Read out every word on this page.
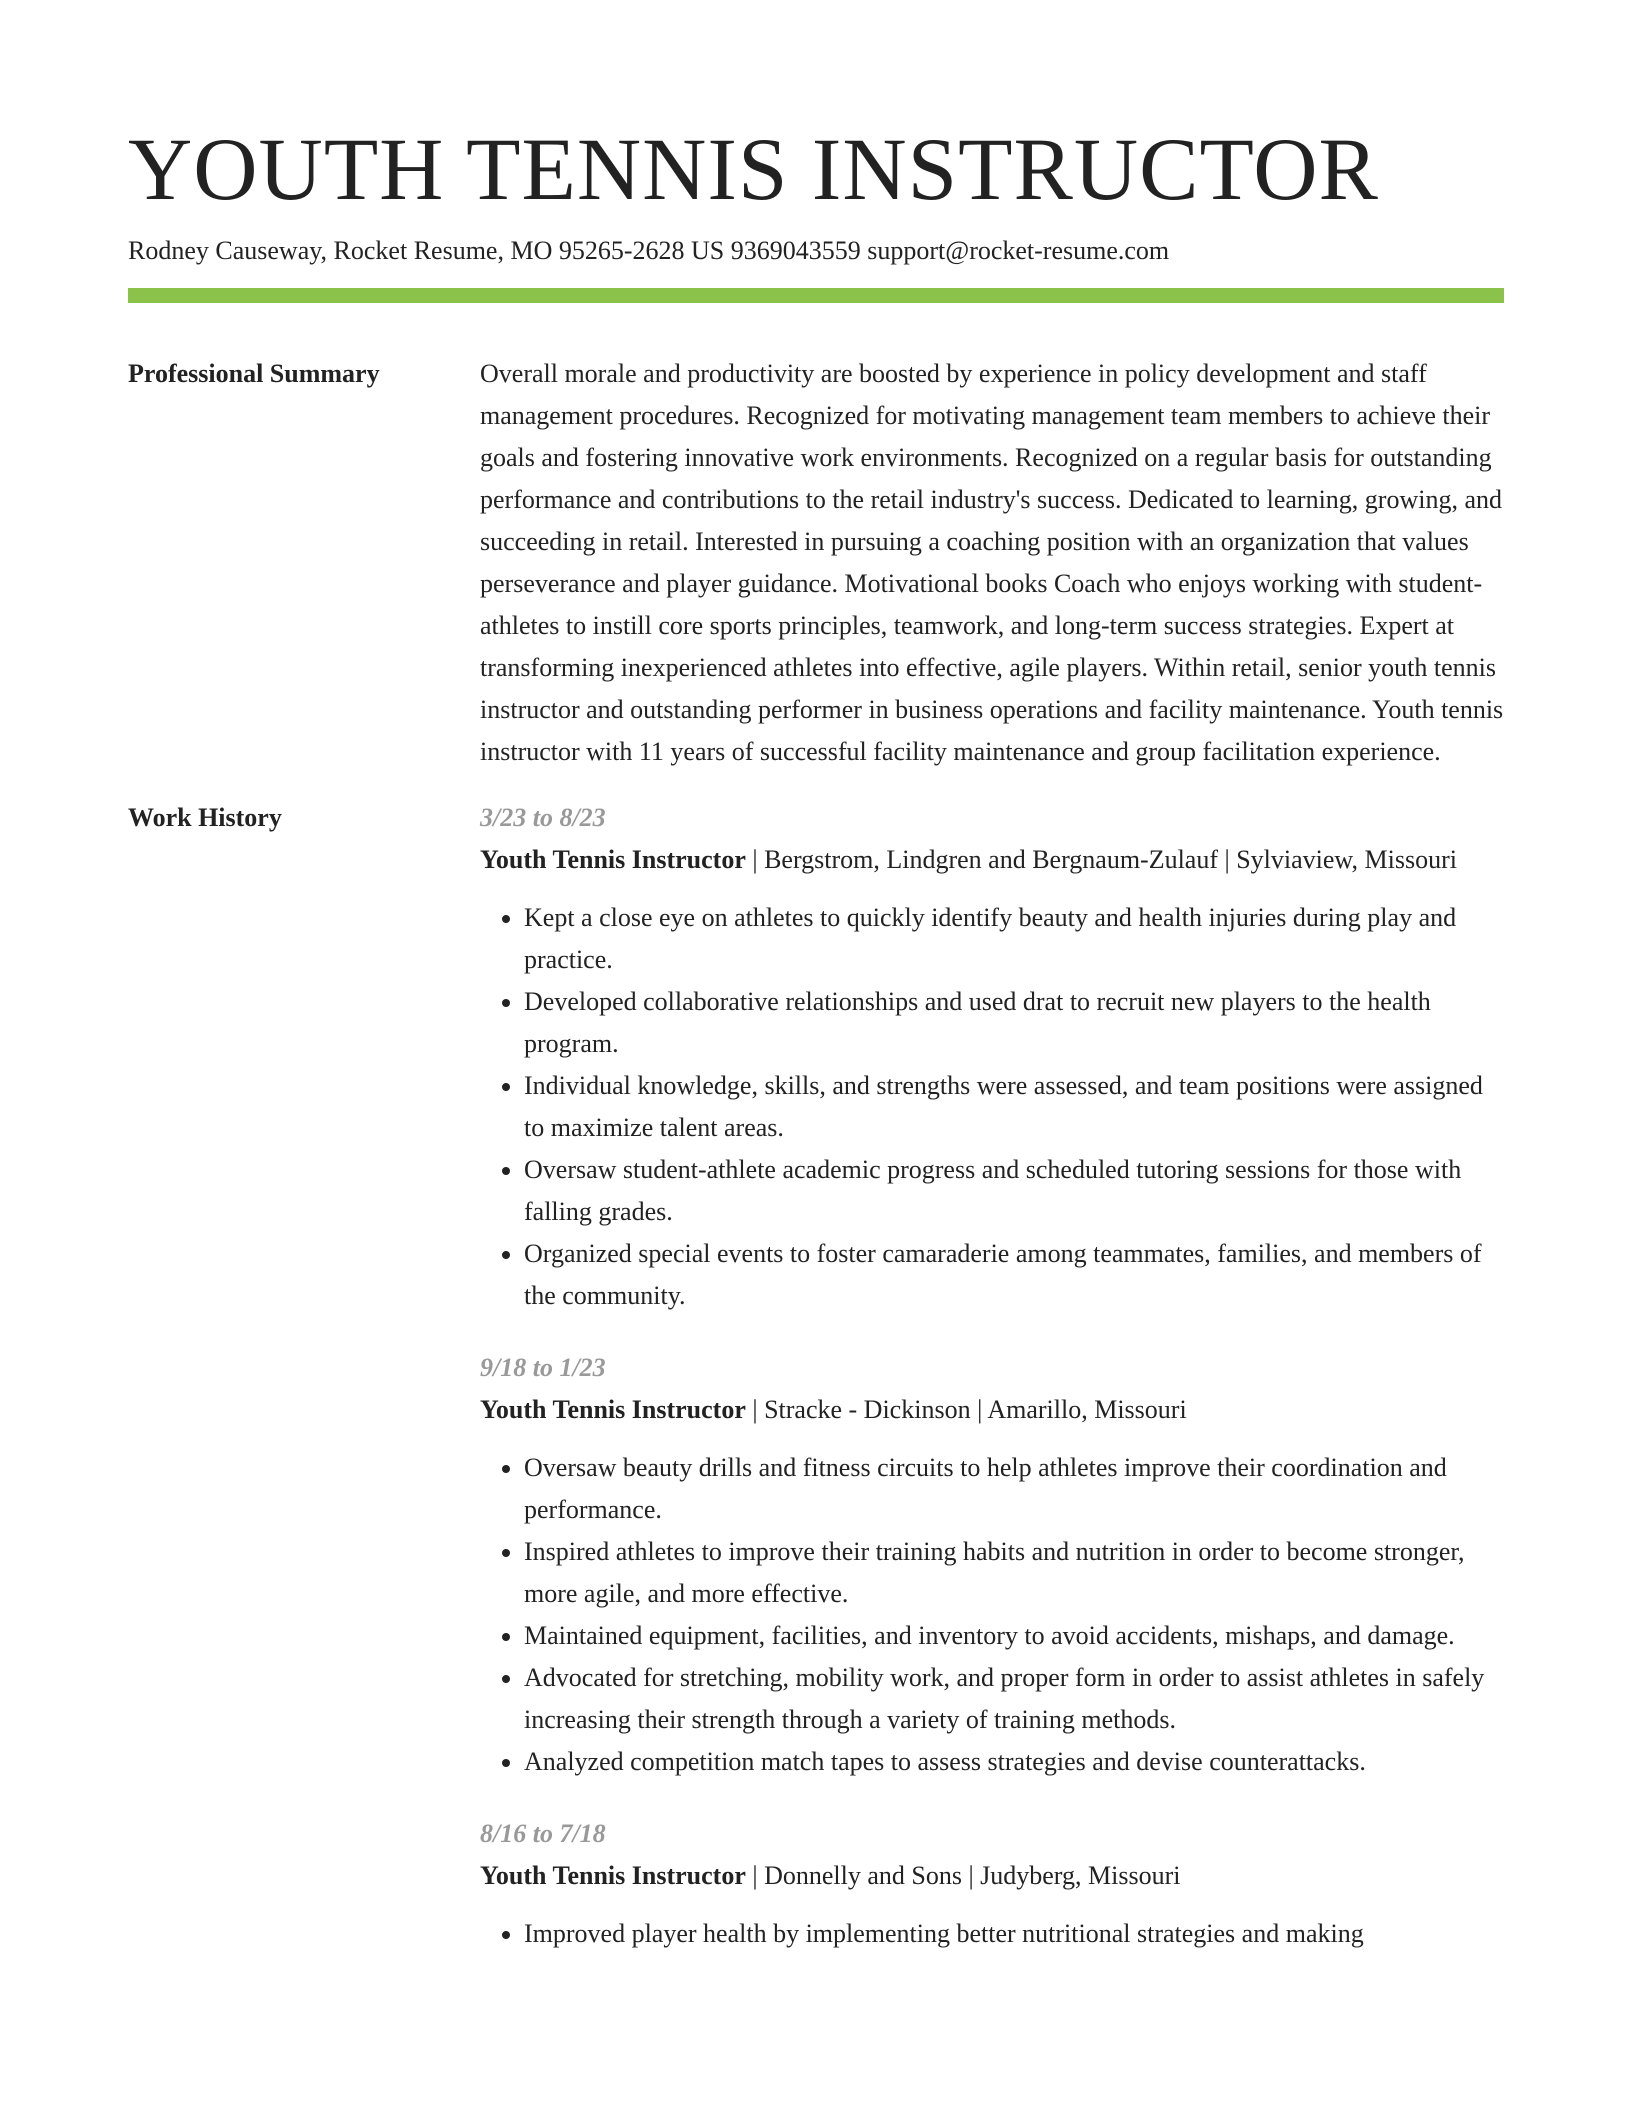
YOUTH TENNIS INSTRUCTOR
Rodney Causeway, Rocket Resume, MO 95265-2628 US 9369043559 support@rocket-resume.com
Professional Summary	Overall morale and productivity are boosted by experience in policy development and staff management procedures. Recognized for motivating management team members to achieve their goals and fostering innovative work environments. Recognized on a regular basis for outstanding performance and contributions to the retail industry's success. Dedicated to learning, growing, and succeeding in retail. Interested in pursuing a coaching position with an organization that values perseverance and player guidance. Motivational books Coach who enjoys working with student-athletes to instill core sports principles, teamwork, and long-term success strategies. Expert at transforming inexperienced athletes into effective, agile players. Within retail, senior youth tennis instructor and outstanding performer in business operations and facility maintenance. Youth tennis instructor with 11 years of successful facility maintenance and group facilitation experience.

Work History	3/23 to 8/23
Youth Tennis Instructor | Bergstrom, Lindgren and Bergnaum-Zulauf | Sylviaview, Missouri
• Kept a close eye on athletes to quickly identify beauty and health injuries during play and practice.
• Developed collaborative relationships and used drat to recruit new players to the health program.
• Individual knowledge, skills, and strengths were assessed, and team positions were assigned to maximize talent areas.
• Oversaw student-athlete academic progress and scheduled tutoring sessions for those with falling grades.
• Organized special events to foster camaraderie among teammates, families, and members of the community.
9/18 to 1/23
Youth Tennis Instructor | Stracke - Dickinson | Amarillo, Missouri
• Oversaw beauty drills and fitness circuits to help athletes improve their coordination and performance.
• Inspired athletes to improve their training habits and nutrition in order to become stronger, more agile, and more effective.
• Maintained equipment, facilities, and inventory to avoid accidents, mishaps, and damage.
• Advocated for stretching, mobility work, and proper form in order to assist athletes in safely increasing their strength through a variety of training methods.
• Analyzed competition match tapes to assess strategies and devise counterattacks.
8/16 to 7/18
Youth Tennis Instructor | Donnelly and Sons | Judyberg, Missouri
• Improved player health by implementing better nutritional strategies and making
